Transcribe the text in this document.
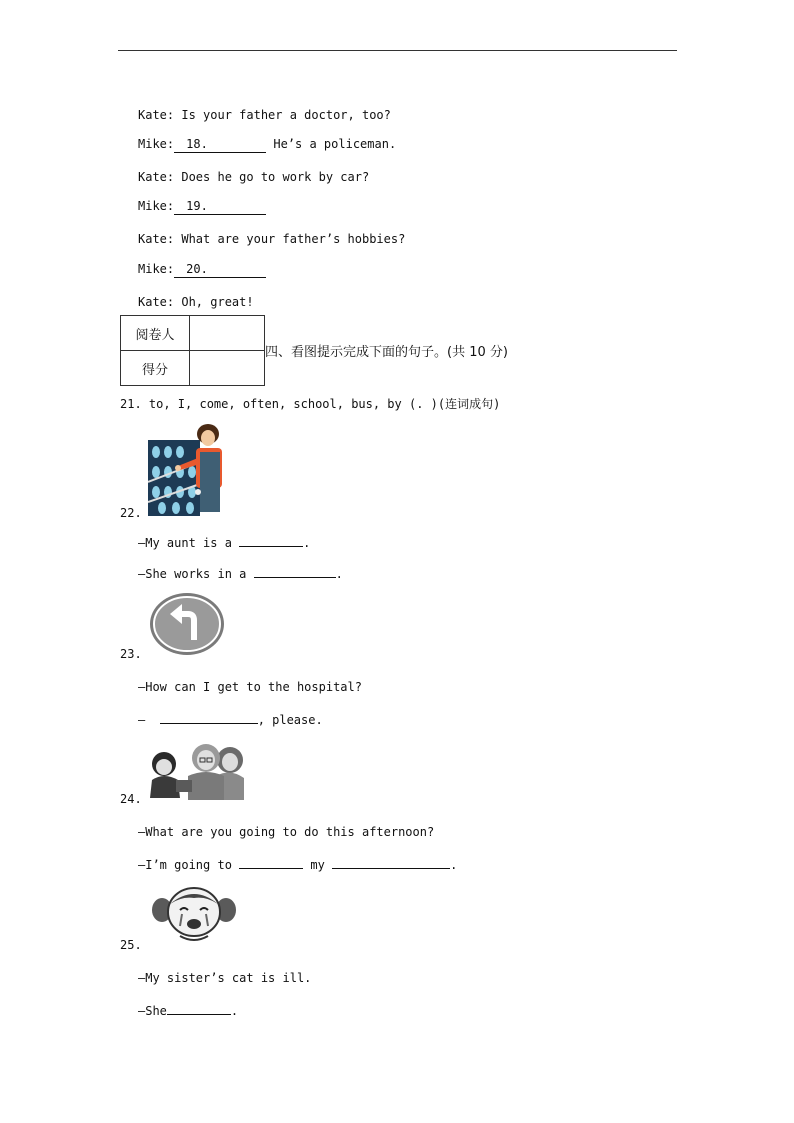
Kate: Is your father a doctor, too?
Mike: 18.	He’s a policeman.
Kate: Does he go to work by car?
Mike: 19.
Kate: What are your father’s hobbies?
Mike: 20.
Kate: Oh, great!
阅卷人	
得分	
四、看图提示完成下面的句子。(共 10 分)
21. to, I, come, often, school, bus, by (. )(连词成句)
22.
—My aunt is a	.
—She works in a	.
23.
—How can I get to the hospital?
—	, please.
24.
—What are you going to do this afternoon?
—I’m going to	my	.
25.
—My sister’s cat is ill.
—She	.
